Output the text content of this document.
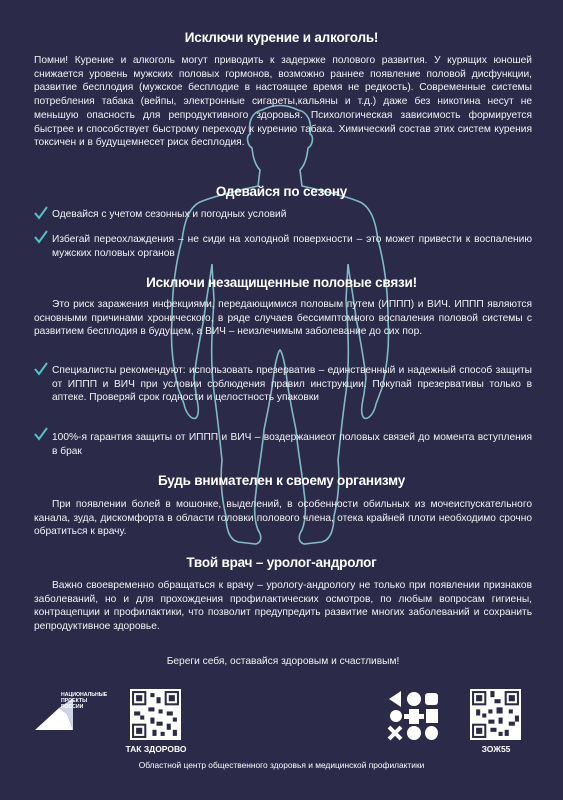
Исключи курение и алкоголь!

Помни! Курение и алкоголь могут приводить к задержке полового развития. У курящих юношей снижается уровень мужских половых гормонов, возможно раннее появление половой дисфункции, развитие бесплодия (мужское бесплодие в настоящее время не редкость). Современные системы потребления табака (вейпы, электронные сигареты,кальяны и т.д.) даже без никотина несут не меньшую опасность для репродуктивного здоровья. Психологическая зависимость формируется быстрее и способствует быстрому переходу к курению табака. Химический состав этих систем курения токсичен и в будущемнесет риск бесплодия.

Одевайся по сезону

Одевайся с учетом сезонных и погодных условий

Избегай переохлаждения – не сиди на холодной поверхности – это может привести к воспалению мужских половых органов

Исключи незащищенные половые связи!

Это риск заражения инфекциями, передающимися половым путем (ИППП) и ВИЧ. ИППП являются основными причинами хронического, в ряде случаев бессимптомного воспаления половой системы с развитием бесплодия в будущем, а ВИЧ – неизлечимым заболевание до сих пор.

Специалисты рекомендуют: использовать презерватив – единственный и надежный способ защиты от ИППП и ВИЧ при условии соблюдения правил инструкции. Покупай презервативы только в аптеке. Проверяй срок годности и целостность упаковки

100%-я гарантия защиты от ИППП и ВИЧ – воздержаниеот половых связей до момента вступления в брак

Будь внимателен к своему организму

При появлении болей в мошонке, выделений, в особенности обильных из мочеиспускательного канала, зуда, дискомфорта в области головки полового члена, отека крайней плоти необходимо срочно обратиться к врачу.

Твой врач – уролог-андролог

Важно своевременно обращаться к врачу – урологу-андрологу не только при появлении признаков заболеваний, но и для прохождения профилактических осмотров, по любым вопросам гигиены, контрацепции и профилактики, что позволит предупредить развитие многих заболеваний и сохранить репродуктивное здоровье.

Береги себя, оставайся здоровым и счастливым!

НАЦИОНАЛЬНЫЕ ПРОЕКТЫ РОССИИ
ТАК ЗДОРОВО	ЗОЖ55
Областной центр общественного здоровья и медицинской профилактики
